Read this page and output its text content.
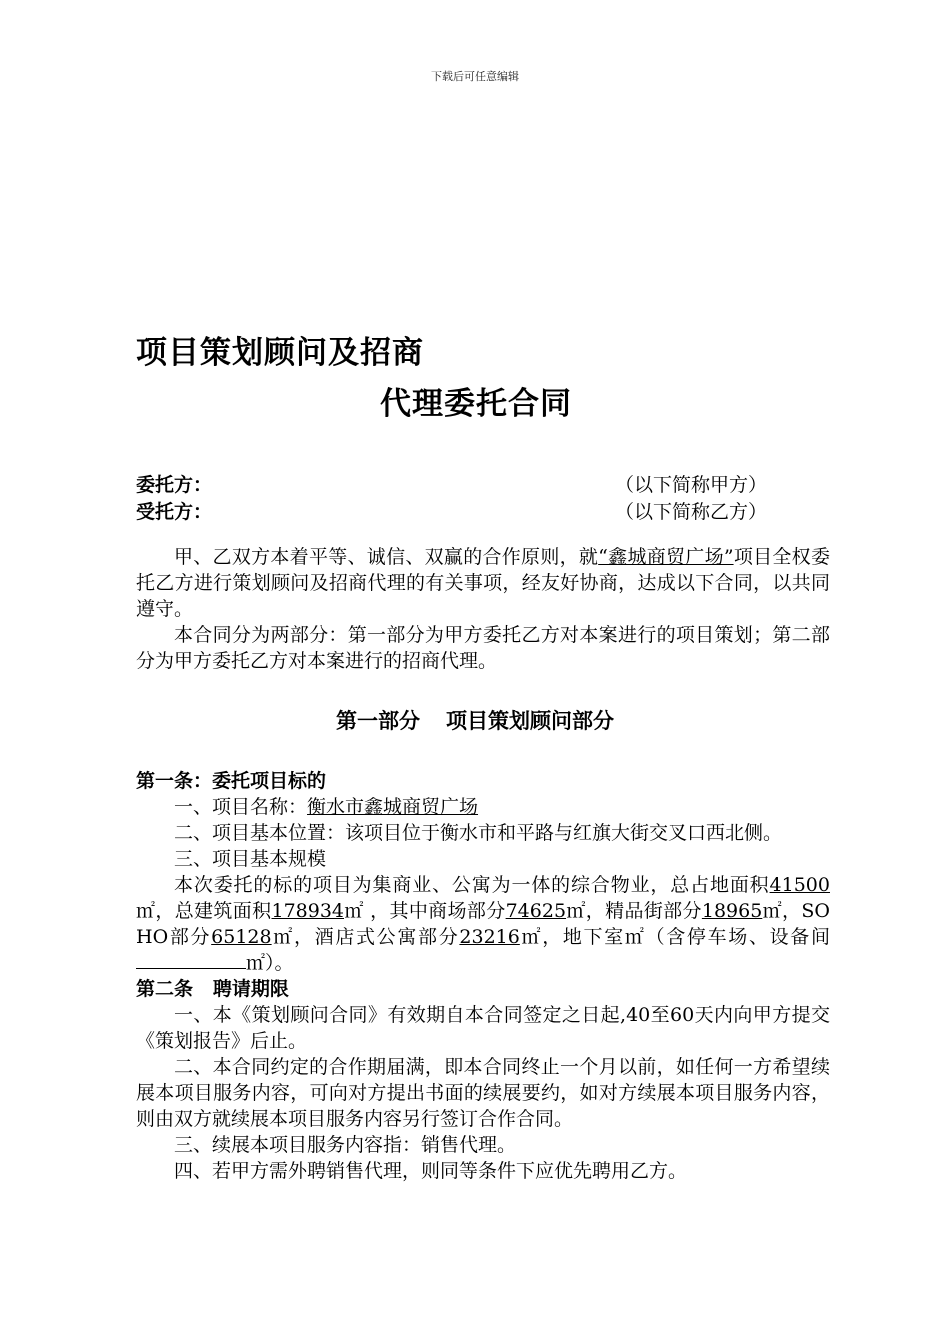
下载后可任意编辑
项目策划顾问及招商
代理委托合同
委托方：	（以下简称甲方）
受托方：	（以下简称乙方）

甲、乙双方本着平等、诚信、双赢的合作原则，就“鑫城商贸广场”项目全权委托乙方进行策划顾问及招商代理的有关事项，经友好协商，达成以下合同，以共同遵守。

本合同分为两部分：第一部分为甲方委托乙方对本案进行的项目策划；第二部分为甲方委托乙方对本案进行的招商代理。

第一部分 项目策划顾问部分

第一条：委托项目标的

一、项目名称：衡水市鑫城商贸广场

二、项目基本位置：该项目位于衡水市和平路与红旗大街交叉口西北侧。

三、项目基本规模

本次委托的标的项目为集商业、公寓为一体的综合物业，总占地面积41500㎡，总建筑面积178934㎡ ，其中商场部分74625㎡，精品街部分18965㎡，SOHO部分65128㎡，酒店式公寓部分23216㎡，地下室㎡（含停车场、设备间㎡）。

第二条 聘请期限

一、本《策划顾问合同》有效期自本合同签定之日起,40至60天内向甲方提交《策划报告》后止。

二、本合同约定的合作期届满，即本合同终止一个月以前，如任何一方希望续展本项目服务内容，可向对方提出书面的续展要约，如对方续展本项目服务内容，则由双方就续展本项目服务内容另行签订合作合同。

三、续展本项目服务内容指：销售代理。

四、若甲方需外聘销售代理，则同等条件下应优先聘用乙方。
